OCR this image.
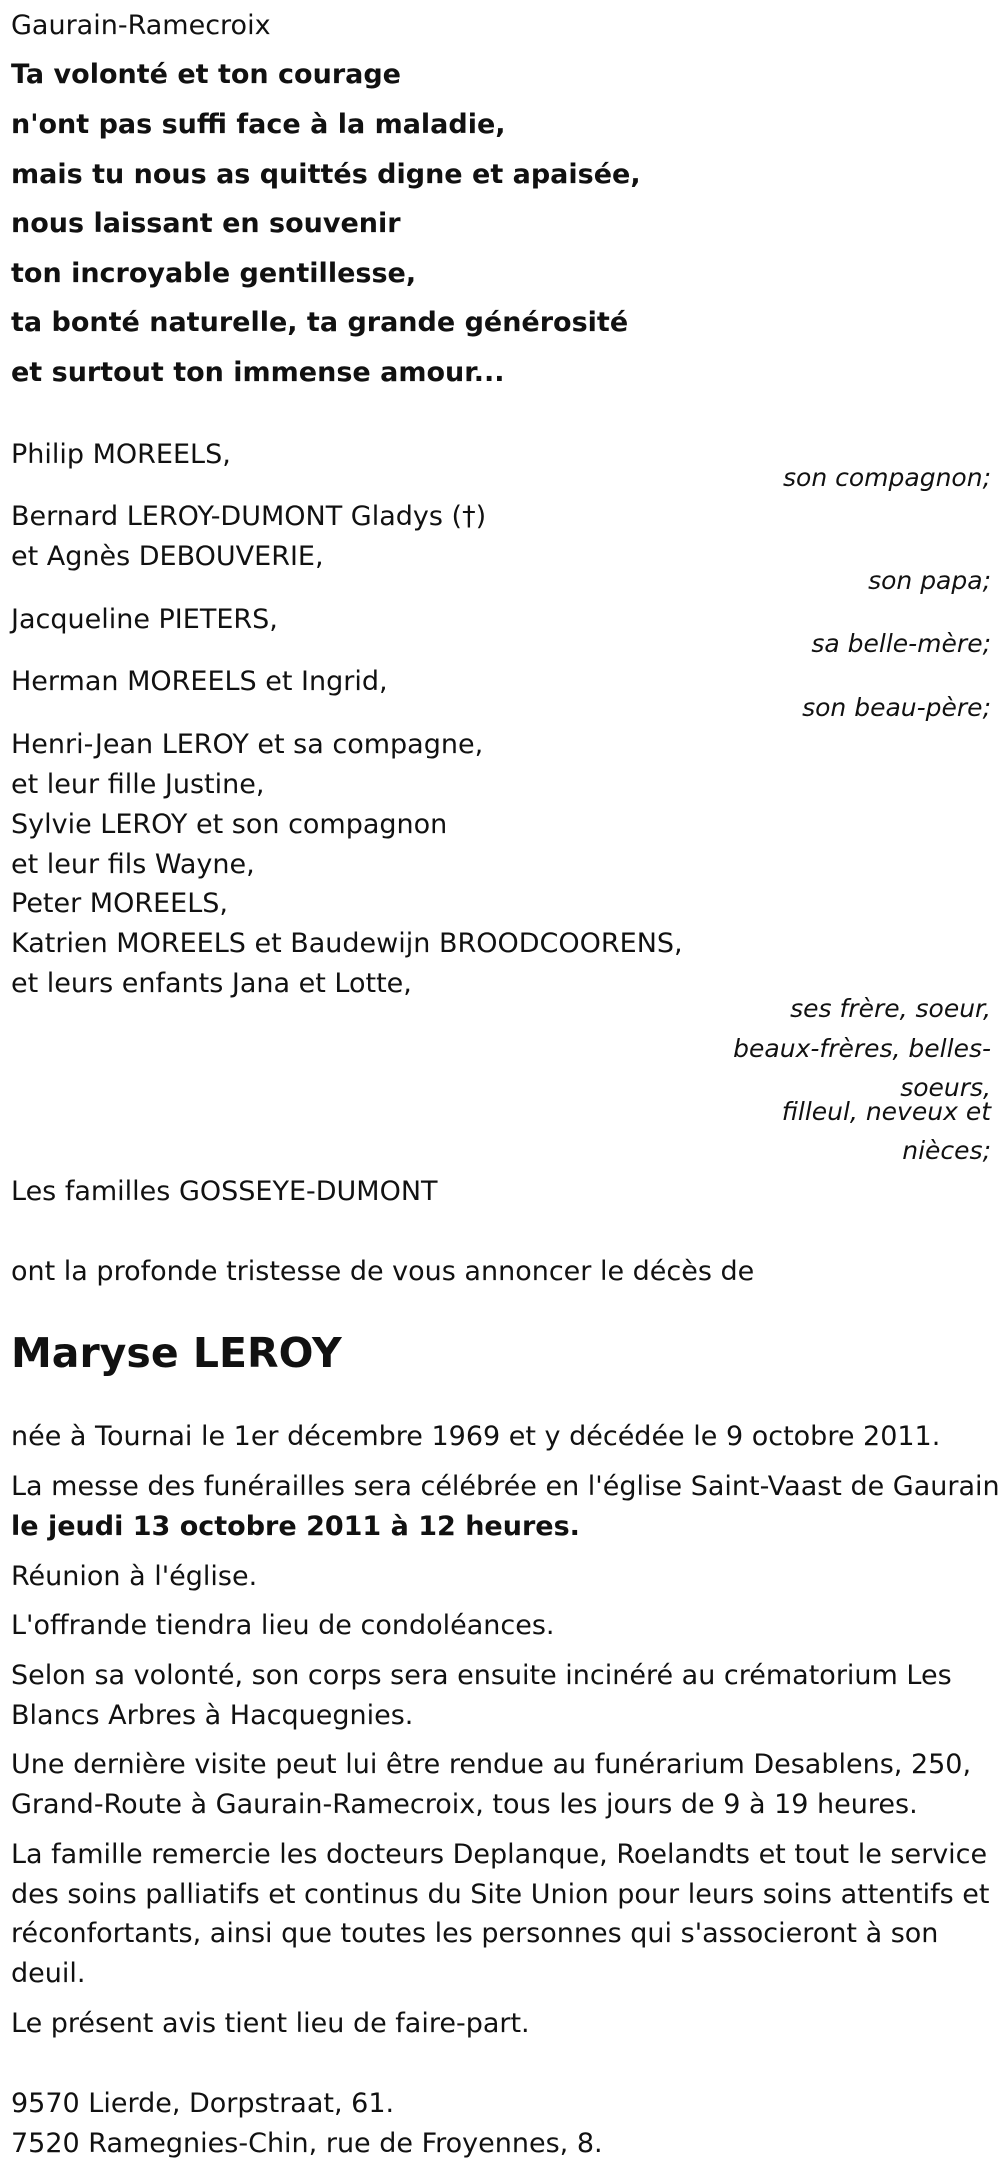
Gaurain-Ramecroix
Ta volonté et ton courage
n'ont pas suffi face à la maladie,
mais tu nous as quittés digne et apaisée,
nous laissant en souvenir
ton incroyable gentillesse,
ta bonté naturelle, ta grande générosité
et surtout ton immense amour...
Philip MOREELS,
son compagnon;
Bernard LEROY-DUMONT Gladys (†)
et Agnès DEBOUVERIE,
son papa;
Jacqueline PIETERS,
sa belle-mère;
Herman MOREELS et Ingrid,
son beau-père;
Henri-Jean LEROY et sa compagne,
et leur fille Justine,
Sylvie LEROY et son compagnon
et leur fils Wayne,
Peter MOREELS,
Katrien MOREELS et Baudewijn BROODCOORENS,
et leurs enfants Jana et Lotte,
ses frère, soeur,
beaux-frères, belles-
soeurs,
filleul, neveux et
nièces;
Les familles GOSSEYE-DUMONT
ont la profonde tristesse de vous annoncer le décès de
Maryse LEROY
née à Tournai le 1er décembre 1969 et y décédée le 9 octobre 2011.
La messe des funérailles sera célébrée en l'église Saint-Vaast de Gaurain
le jeudi 13 octobre 2011 à 12 heures.
Réunion à l'église.
L'offrande tiendra lieu de condoléances.
Selon sa volonté, son corps sera ensuite incinéré au crématorium Les
Blancs Arbres à Hacquegnies.
Une dernière visite peut lui être rendue au funérarium Desablens, 250,
Grand-Route à Gaurain-Ramecroix, tous les jours de 9 à 19 heures.
La famille remercie les docteurs Deplanque, Roelandts et tout le service
des soins palliatifs et continus du Site Union pour leurs soins attentifs et
réconfortants, ainsi que toutes les personnes qui s'associeront à son
deuil.
Le présent avis tient lieu de faire-part.
9570 Lierde, Dorpstraat, 61.
7520 Ramegnies-Chin, rue de Froyennes, 8.
